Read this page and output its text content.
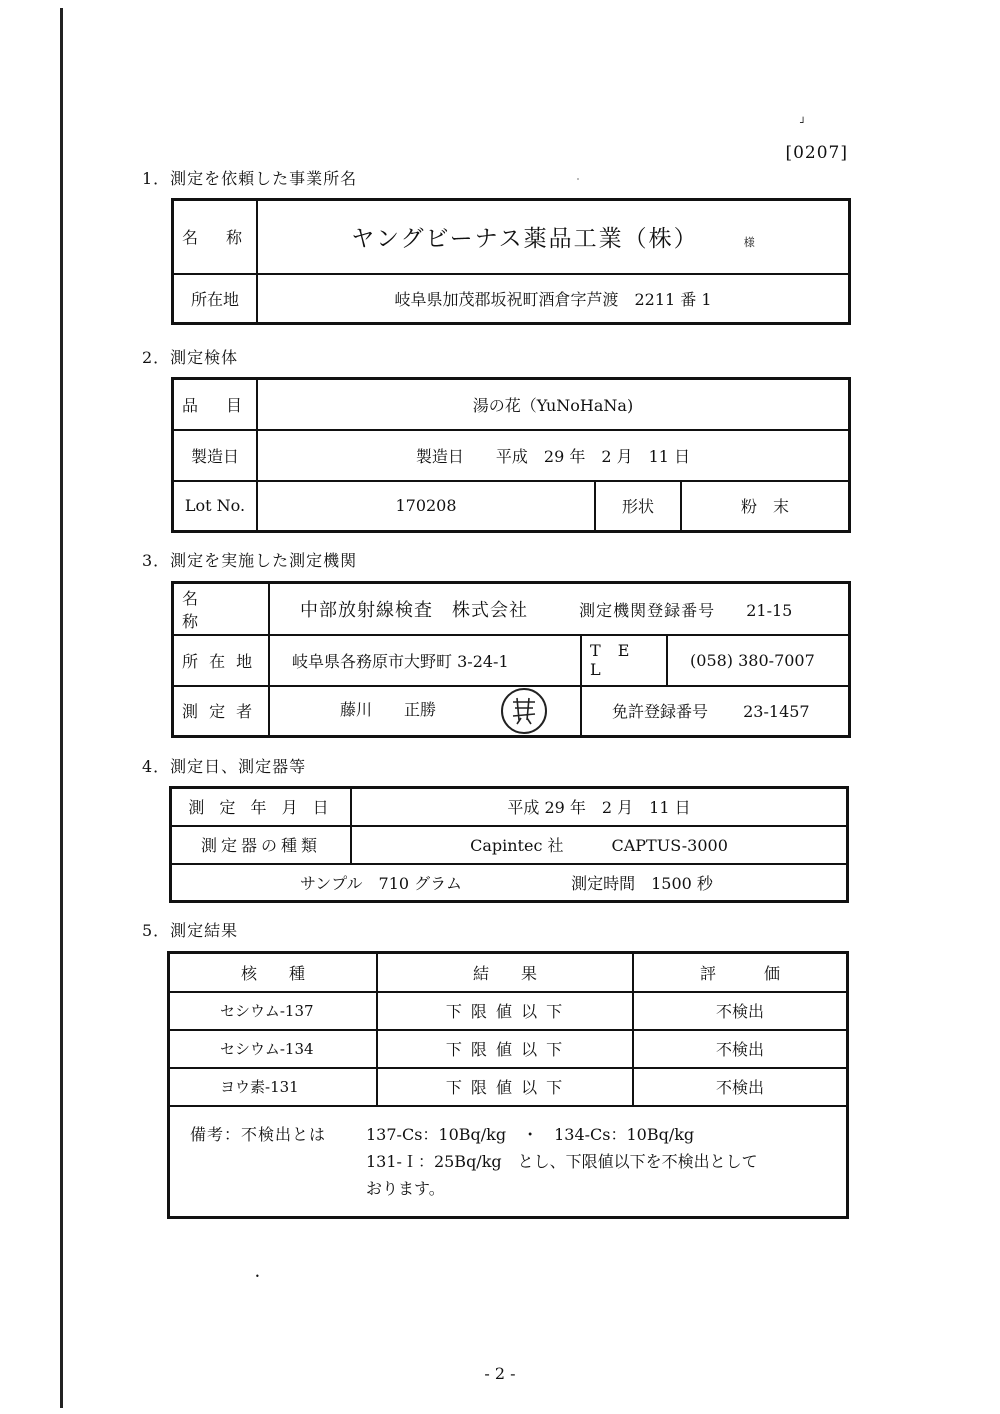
┘
[0207]
1．測定を依頼した事業所名
名　称	ヤングビーナス薬品工業（株） 様
所在地	岐阜県加茂郡坂祝町酒倉字芦渡　2211 番 1
2．測定検体
品　目	湯の花（YuNoHaNa)		
製造日	製造日　　平成　29 年　2 月　11 日		
Lot No.	170208	形状	粉　末
3．測定を実施した測定機関
名　　称	中部放射線検査　株式会社 測定機関登録番号 21-15		
所 在 地	岐阜県各務原市大野町 3-24-1	T E L	(058) 380-7007
測 定 者	藤川　　正勝	免許登録番号 23-1457	
4．測定日、測定器等
測 定 年 月 日	平成 29 年　2 月　11 日
測定器の種類	Capintec 社　　　CAPTUS-3000
サンプル　710 グラム 測定時間　1500 秒	
5．測定結果
核　　種	結　　果	評　　　価
セシウム-137	下 限 値 以 下	不検出
セシウム-134	下 限 値 以 下	不検出
ヨウ素-131	下 限 値 以 下	不検出

備考：不検出とは 137-Cs：10Bq/kg　・　134-Cs：10Bq/kg
131-Ｉ：25Bq/kg　とし、下限値以下を不検出として
おります。		
•
- 2 -
